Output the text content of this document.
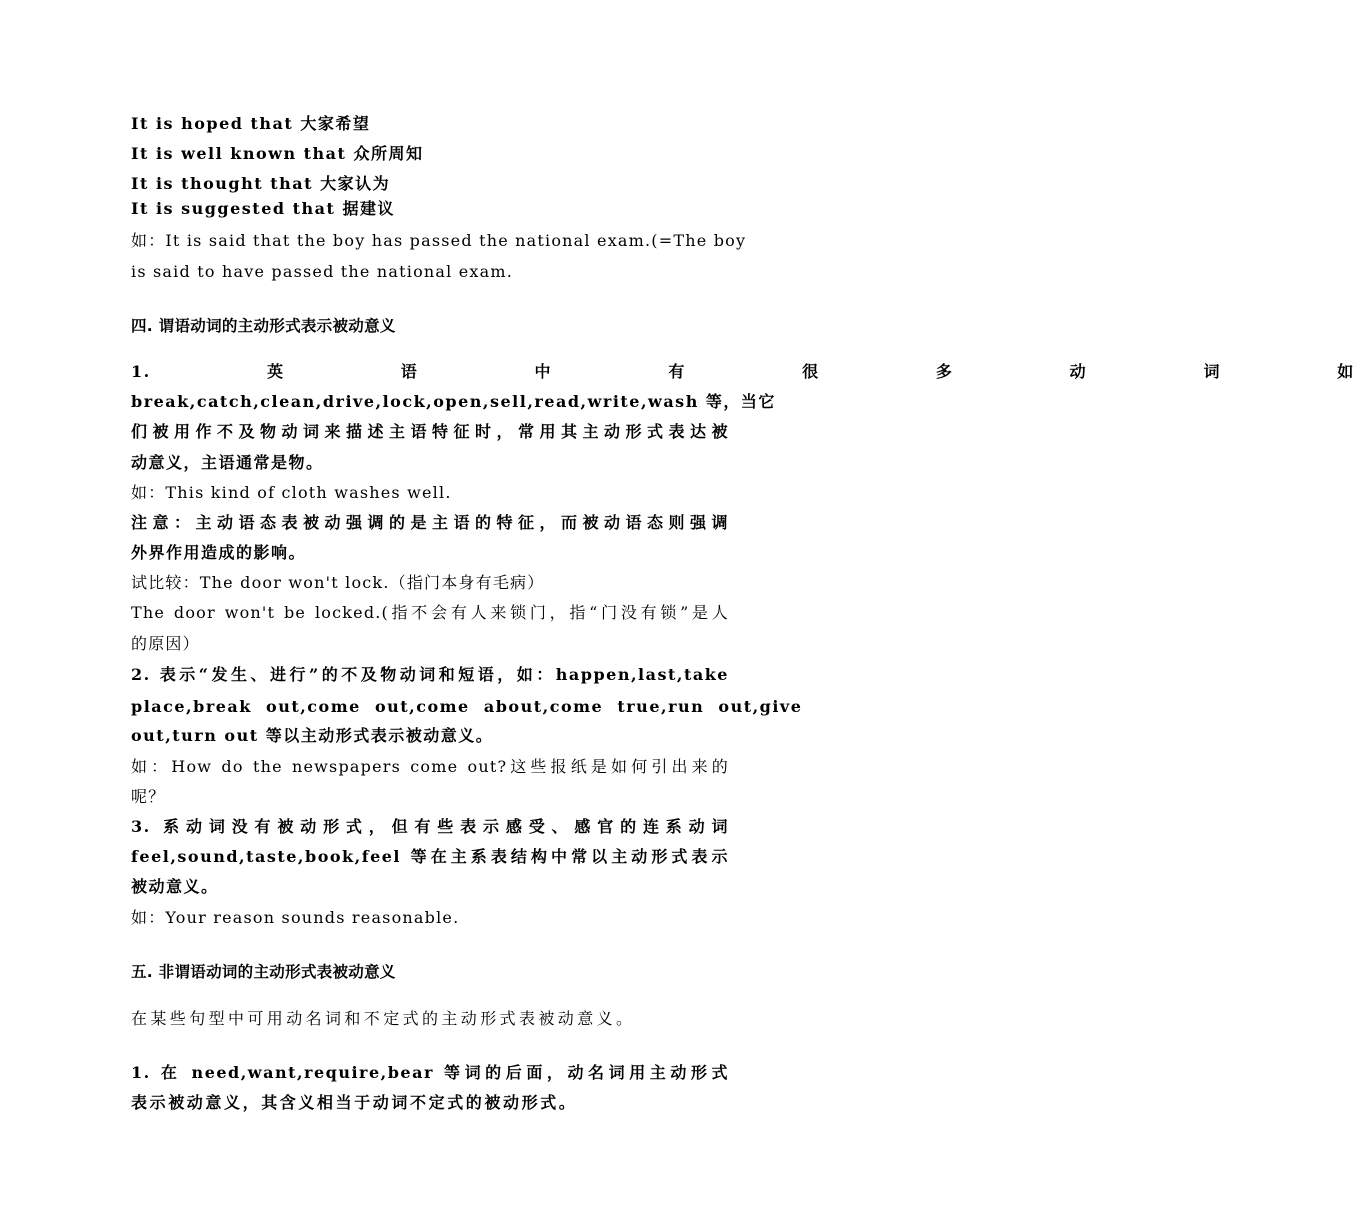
It is hoped that 大家希望
It is well known that 众所周知
It is thought that 大家认为
It is suggested that 据建议
如：It is said that the boy has passed the national exam.(=The boy
is said to have passed the national exam.
四. 谓语动词的主动形式表示被动意义
1.    英    语    中    有    很    多    动    词    如
break,catch,clean,drive,lock,open,sell,read,write,wash 等，当它
们被用作不及物动词来描述主语特征时，常用其主动形式表达被
动意义，主语通常是物。
如：This kind of cloth washes well.
注意：主动语态表被动强调的是主语的特征，而被动语态则强调
外界作用造成的影响。
试比较：The door won't lock.（指门本身有毛病）
The door won't be locked.(指不会有人来锁门，指“门没有锁”是人
的原因）
2. 表示“发生、进行”的不及物动词和短语，如：happen,last,take
place,break  out,come  out,come  about,come  true,run  out,give
out,turn out 等以主动形式表示被动意义。
如：How do the newspapers come out?这些报纸是如何引出来的
呢？
3. 系动词没有被动形式，但有些表示感受、感官的连系动词
feel,sound,taste,book,feel 等在主系表结构中常以主动形式表示
被动意义。
如：Your reason sounds reasonable.
五. 非谓语动词的主动形式表被动意义
在某些句型中可用动名词和不定式的主动形式表被动意义。
1. 在 need,want,require,bear 等词的后面，动名词用主动形式
表示被动意义，其含义相当于动词不定式的被动形式。
